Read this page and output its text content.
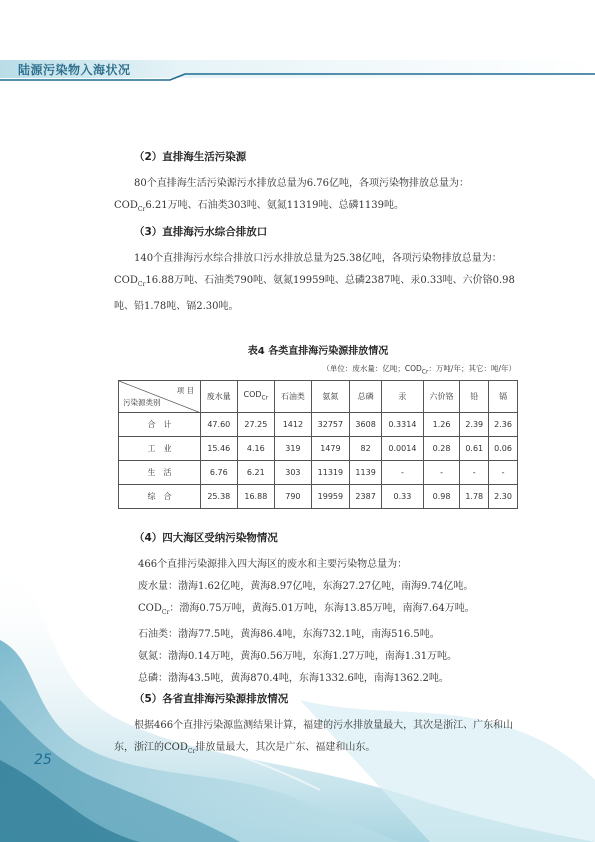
陆源污染物入海状况
（2）直排海生活污染源
80个直排海生活污染源污水排放总量为6.76亿吨，各项污染物排放总量为：$COD_{Cr}6.21$万吨、石油类303吨、氨氮11319吨、总磷1139吨。
（3）直排海污水综合排放口
140个直排海污水综合排放口污水排放总量为25.38亿吨，各项污染物排放总量为：$COD_{Cr}16.88$万吨、石油类790吨、氨氮19959吨、总磷2387吨、汞0.33吨、六价铬0.98吨、铅1.78吨、镉2.30吨。
表4 各类直排海污染源排放情况
（单位：废水量：亿吨；$COD_{Cr}$：万吨/年；其它：吨/年）
项 目
污染源类别	废水量	$COD_{Cr}$	石油类	氨氮	总磷	汞	六价铬	铅	镉
合　计	47.60	27.25	1412	32757	3608	0.3314	1.26	2.39	2.36
工　业	15.46	4.16	319	1479	82	0.0014	0.28	0.61	0.06
生　活	6.76	6.21	303	11319	1139	-	-	-	-
综　合	25.38	16.88	790	19959	2387	0.33	0.98	1.78	2.30
（4）四大海区受纳污染物情况
466个直排污染源排入四大海区的废水和主要污染物总量为：
废水量：渤海1.62亿吨，黄海8.97亿吨，东海27.27亿吨，南海9.74亿吨。
$COD_{Cr}$：渤海0.75万吨，黄海5.01万吨，东海13.85万吨，南海7.64万吨。
石油类：渤海77.5吨，黄海86.4吨，东海732.1吨，南海516.5吨。
氨氮：渤海0.14万吨，黄海0.56万吨，东海1.27万吨，南海1.31万吨。
总磷：渤海43.5吨，黄海870.4吨，东海1332.6吨，南海1362.2吨。
（5）各省直排海污染源排放情况
根据466个直排污染源监测结果计算，福建的污水排放量最大，其次是浙江、广东和山东，浙江的$COD_{Cr}$排放量最大，其次是广东、福建和山东。
25
